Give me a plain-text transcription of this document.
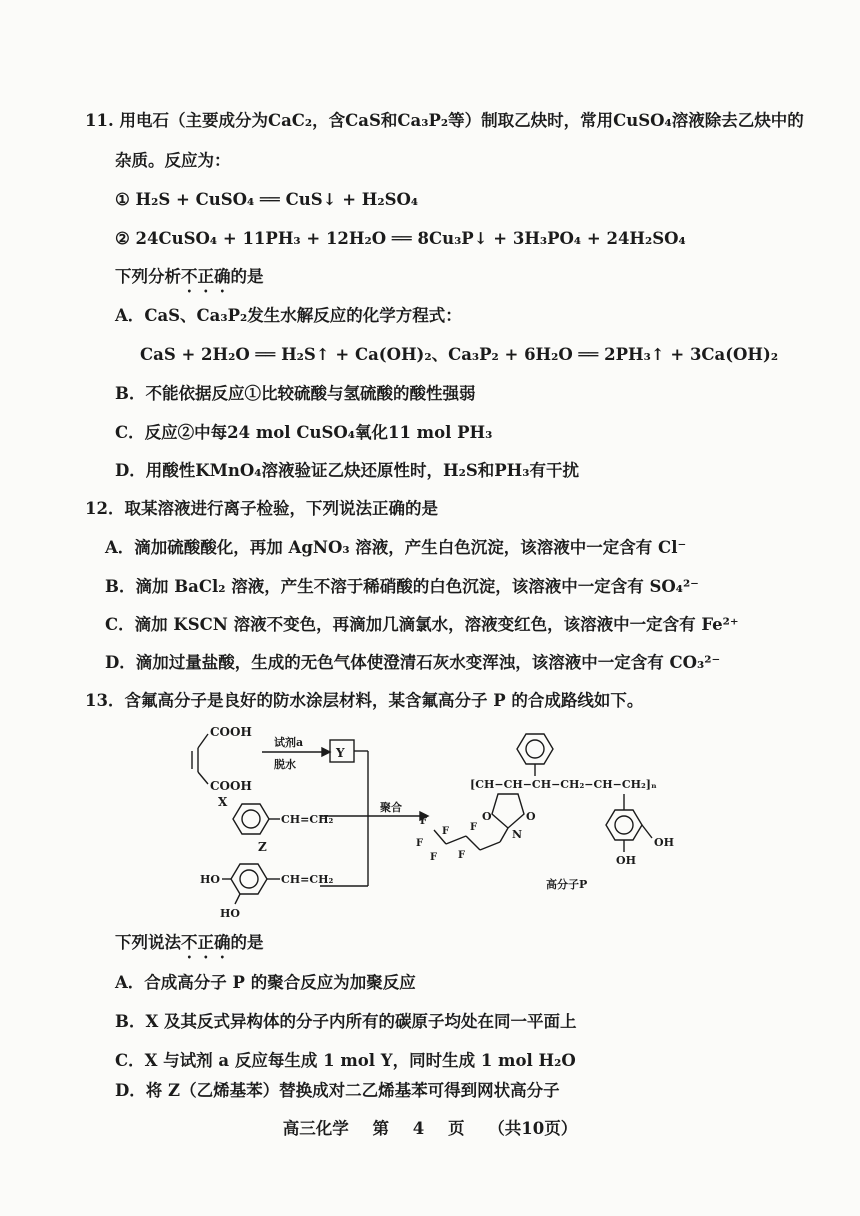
11. 用电石（主要成分为CaC₂，含CaS和Ca₃P₂等）制取乙炔时，常用CuSO₄溶液除去乙炔中的
杂质。反应为：
① H₂S + CuSO₄ ══ CuS↓ + H₂SO₄
② 24CuSO₄ + 11PH₃ + 12H₂O ══ 8Cu₃P↓ + 3H₃PO₄ + 24H₂SO₄
下列分析不正确的是
A．CaS、Ca₃P₂发生水解反应的化学方程式：
CaS + 2H₂O ══ H₂S↑ + Ca(OH)₂、Ca₃P₂ + 6H₂O ══ 2PH₃↑ + 3Ca(OH)₂
B．不能依据反应①比较硫酸与氢硫酸的酸性强弱
C．反应②中每24 mol CuSO₄氧化11 mol PH₃
D．用酸性KMnO₄溶液验证乙炔还原性时，H₂S和PH₃有干扰
12．取某溶液进行离子检验，下列说法正确的是
A．滴加硫酸酸化，再加 AgNO₃ 溶液，产生白色沉淀，该溶液中一定含有 Cl⁻
B．滴加 BaCl₂ 溶液，产生不溶于稀硝酸的白色沉淀，该溶液中一定含有 SO₄²⁻
C．滴加 KSCN 溶液不变色，再滴加几滴氯水，溶液变红色，该溶液中一定含有 Fe²⁺
D．滴加过量盐酸，生成的无色气体使澄清石灰水变浑浊，该溶液中一定含有 CO₃²⁻
13．含氟高分子是良好的防水涂层材料，某含氟高分子 P 的合成路线如下。
COOH
COOH
X
试剂a
脱水
Y
CH=CH₂
Z
CH=CH₂
HO
HO
聚合
[CH−CH−CH−CH₂−CH−CH₂]ₙ
O	O
N
F
F
F
F
F
F	OH
OH
高分子P
下列说法不正确的是
A．合成高分子 P 的聚合反应为加聚反应
B．X 及其反式异构体的分子内所有的碳原子均处在同一平面上
C．X 与试剂 a 反应每生成 1 mol Y，同时生成 1 mol H₂O
D．将 Z（乙烯基苯）替换成对二乙烯基苯可得到网状高分子
高三化学 第 4 页 （共10页）
